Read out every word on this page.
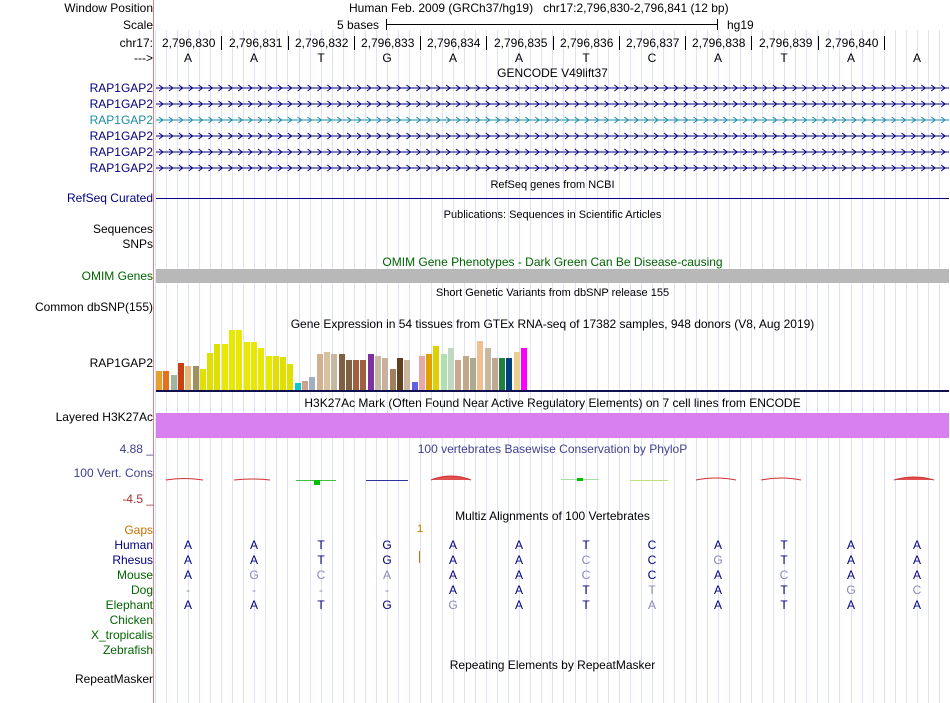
Window Position
Scale
chr17:
--->
Human Feb. 2009 (GRCh37/hg19)   chr17:2,796,830-2,796,841 (12 bp)
5 bases	hg19
2,796,830 2,796,831 2,796,832 2,796,833 2,796,834 2,796,835 2,796,836 2,796,837 2,796,838 2,796,839 2,796,840
A	A	T	G	A	A	T	C	A	T	A	A
GENCODE V49lift37
RAP1GAP2
RAP1GAP2
RAP1GAP2
RAP1GAP2
RAP1GAP2
RAP1GAP2
RefSeq genes from NCBI
RefSeq Curated
Publications: Sequences in Scientific Articles
Sequences
SNPs
OMIM Gene Phenotypes - Dark Green Can Be Disease-causing
OMIM Genes
Short Genetic Variants from dbSNP release 155
Common dbSNP(155)
Gene Expression in 54 tissues from GTEx RNA-seq of 17382 samples, 948 donors (V8, Aug 2019)
RAP1GAP2
H3K27Ac Mark (Often Found Near Active Regulatory Elements) on 7 cell lines from ENCODE
Layered H3K27Ac
100 vertebrates Basewise Conservation by PhyloP
4.88 _
100 Vert. Cons
-4.5 _
Multiz Alignments of 100 Vertebrates
Gaps	1
Human	A	A	T	G	A	A	T	C	A	T	A	A
Rhesus	A	A	T	G	A	A	C	C	G	T	A	A
Mouse	A	G	C	A	A	A	C	C	A	C	A	A
Dog	-	-	-	-	A	A	T	T	A	T	G	C
Elephant	A	A	T	G	G	A	T	A	A	T	A	A
Chicken
X_tropicalis
Zebrafish
Repeating Elements by RepeatMasker
RepeatMasker
